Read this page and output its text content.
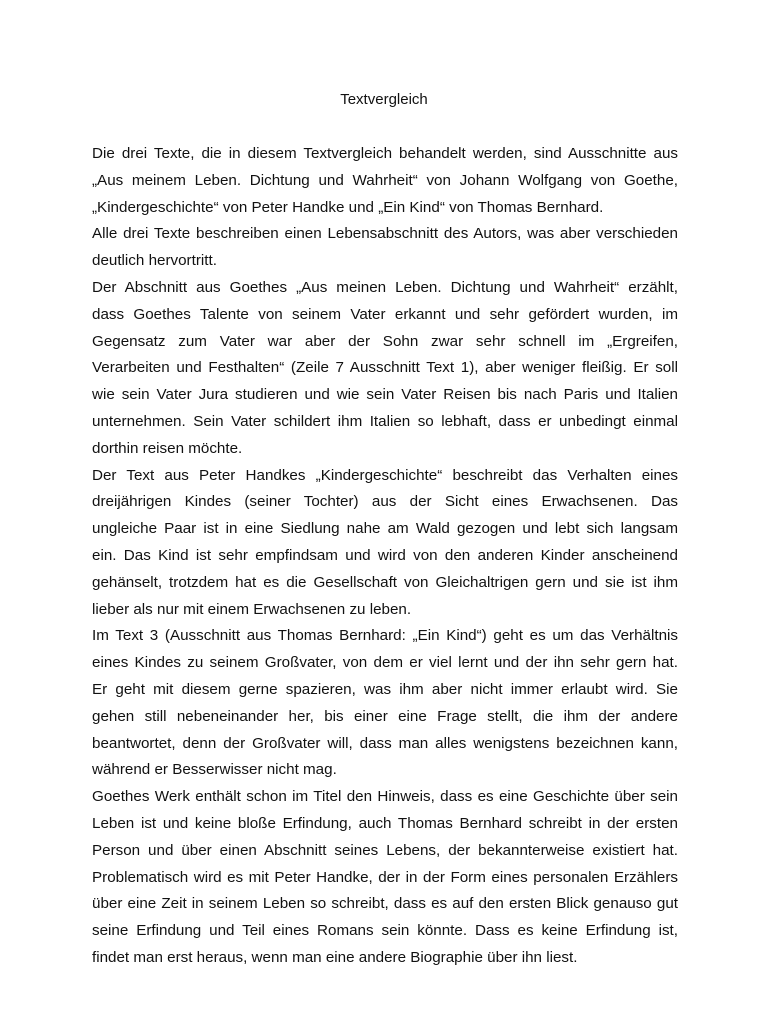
Textvergleich
Die drei Texte, die in diesem Textvergleich behandelt werden, sind Ausschnitte aus
„Aus meinem Leben. Dichtung und Wahrheit“ von Johann Wolfgang von Goethe,
„Kindergeschichte“ von Peter Handke und „Ein Kind“ von Thomas Bernhard.
Alle drei Texte beschreiben einen Lebensabschnitt des Autors, was aber verschieden
deutlich hervortritt.
Der Abschnitt aus Goethes „Aus meinen Leben. Dichtung und Wahrheit“ erzählt,
dass Goethes Talente von seinem Vater erkannt und sehr gefördert wurden, im
Gegensatz zum Vater war aber der Sohn zwar sehr schnell im „Ergreifen,
Verarbeiten und Festhalten“ (Zeile 7 Ausschnitt Text 1), aber weniger fleißig. Er soll
wie sein Vater Jura studieren und wie sein Vater Reisen bis nach Paris und Italien
unternehmen. Sein Vater schildert ihm Italien so lebhaft, dass er unbedingt einmal
dorthin reisen möchte.
Der Text aus Peter Handkes „Kindergeschichte“ beschreibt das Verhalten eines
dreijährigen Kindes (seiner Tochter) aus der Sicht eines Erwachsenen. Das
ungleiche Paar ist in eine Siedlung nahe am Wald gezogen und lebt sich langsam
ein. Das Kind ist sehr empfindsam und wird von den anderen Kinder anscheinend
gehänselt, trotzdem hat es die Gesellschaft von Gleichaltrigen gern und sie ist ihm
lieber als nur mit einem Erwachsenen zu leben.
Im Text 3 (Ausschnitt aus Thomas Bernhard: „Ein Kind“) geht es um das Verhältnis
eines Kindes zu seinem Großvater, von dem er viel lernt und der ihn sehr gern hat.
Er geht mit diesem gerne spazieren, was ihm aber nicht immer erlaubt wird. Sie
gehen still nebeneinander her, bis einer eine Frage stellt, die ihm der andere
beantwortet, denn der Großvater will, dass man alles wenigstens bezeichnen kann,
während er Besserwisser nicht mag.
Goethes Werk enthält schon im Titel den Hinweis, dass es eine Geschichte über sein
Leben ist und keine bloße Erfindung, auch Thomas Bernhard schreibt in der ersten
Person und über einen Abschnitt seines Lebens, der bekannterweise existiert hat.
Problematisch wird es mit Peter Handke, der in der Form eines personalen Erzählers
über eine Zeit in seinem Leben so schreibt, dass es auf den ersten Blick genauso gut
seine Erfindung und Teil eines Romans sein könnte. Dass es keine Erfindung ist,
findet man erst heraus, wenn man eine andere Biographie über ihn liest.
